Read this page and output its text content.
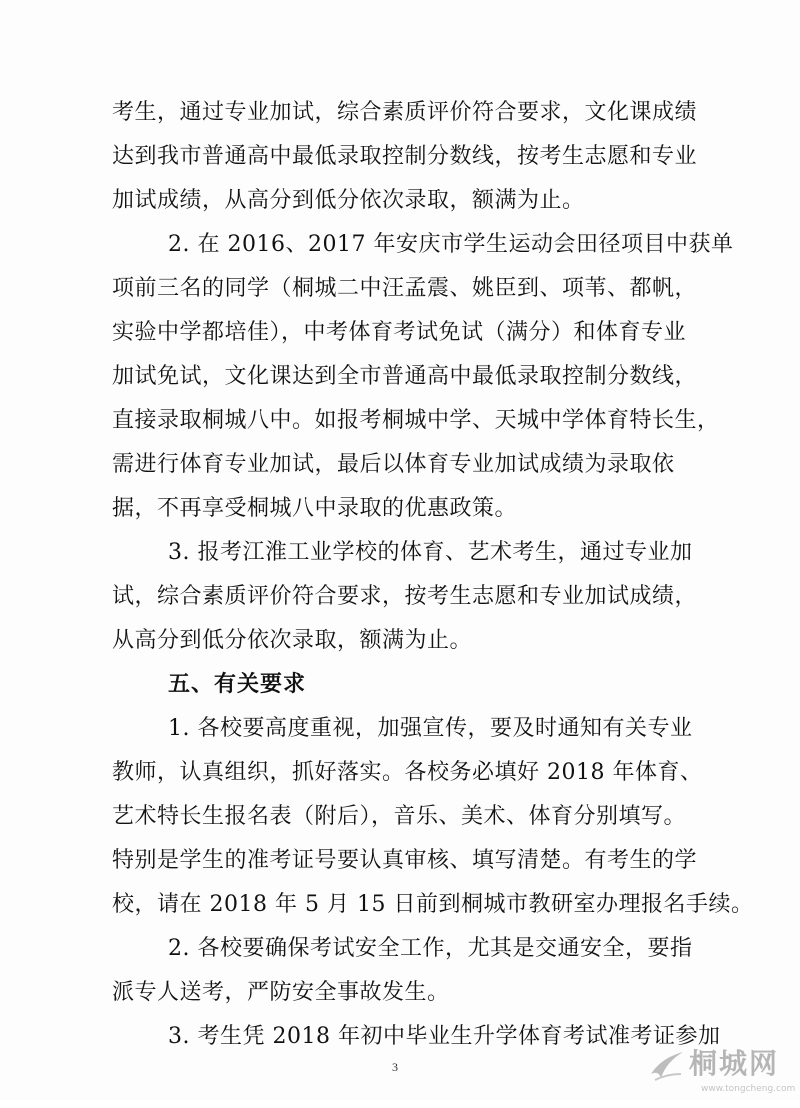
考生，通过专业加试，综合素质评价符合要求，文化课成绩
达到我市普通高中最低录取控制分数线，按考生志愿和专业
加试成绩，从高分到低分依次录取，额满为止。
2. 在 2016、2017 年安庆市学生运动会田径项目中获单
项前三名的同学（桐城二中汪孟震、姚臣到、项苇、都帆，
实验中学都培佳），中考体育考试免试（满分）和体育专业
加试免试，文化课达到全市普通高中最低录取控制分数线，
直接录取桐城八中。如报考桐城中学、天城中学体育特长生，
需进行体育专业加试，最后以体育专业加试成绩为录取依
据，不再享受桐城八中录取的优惠政策。
3. 报考江淮工业学校的体育、艺术考生，通过专业加
试，综合素质评价符合要求，按考生志愿和专业加试成绩，
从高分到低分依次录取，额满为止。
五、有关要求
1. 各校要高度重视，加强宣传，要及时通知有关专业
教师，认真组织，抓好落实。各校务必填好 2018 年体育、
艺术特长生报名表（附后），音乐、美术、体育分别填写。
特别是学生的准考证号要认真审核、填写清楚。有考生的学
校，请在 2018 年 5 月 15 日前到桐城市教研室办理报名手续。
2. 各校要确保考试安全工作，尤其是交通安全，要指
派专人送考，严防安全事故发生。
3. 考生凭 2018 年初中毕业生升学体育考试准考证参加
3	桐城网
www.tongcheng.com
